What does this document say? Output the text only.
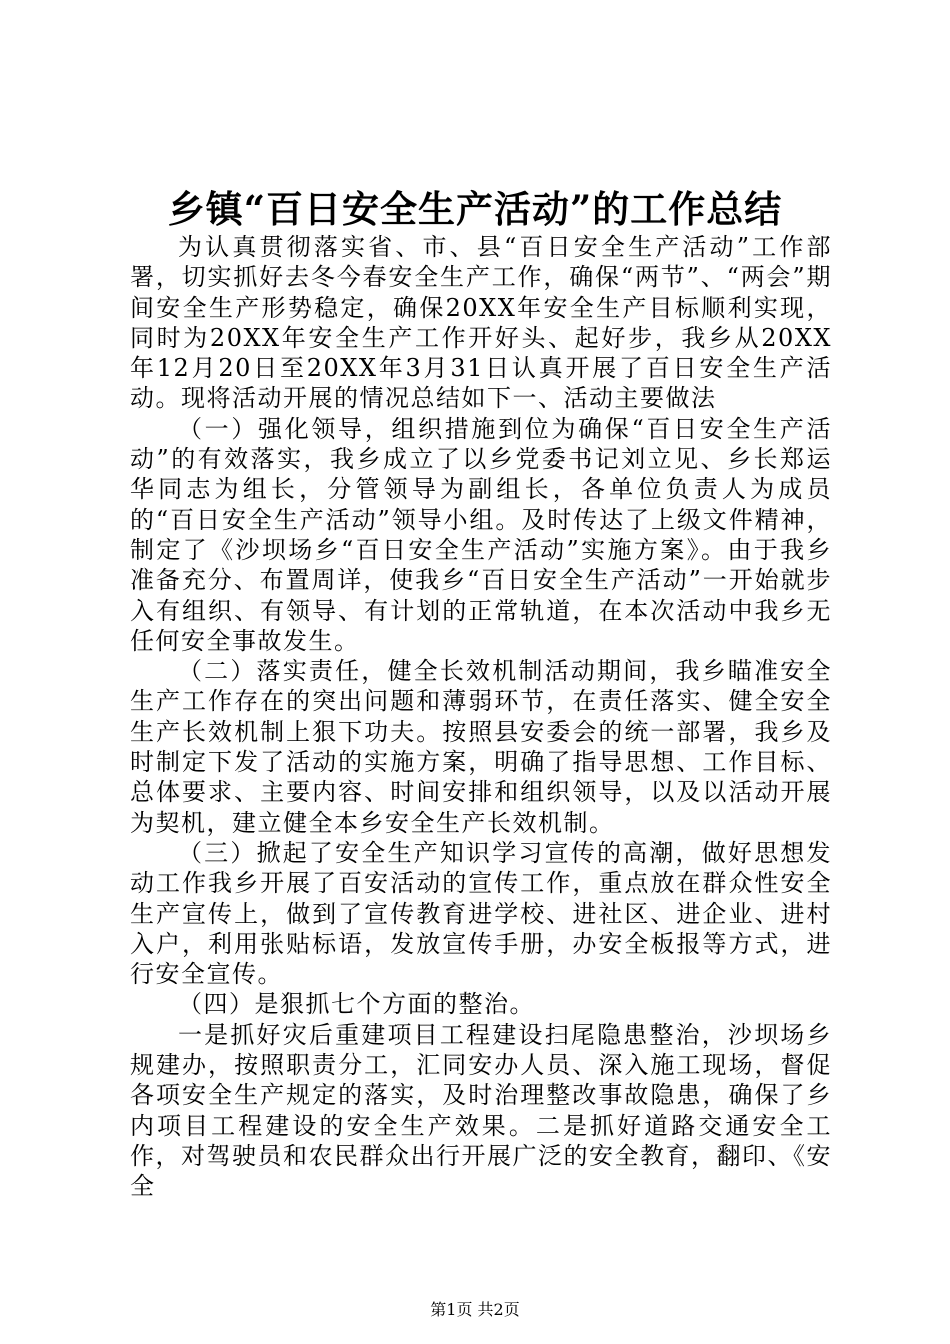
乡镇“百日安全生产活动”的工作总结

为认真贯彻落实省、市、县“百日安全生产活动”工作部署，切实抓好去冬今春安全生产工作，确保“两节”、“两会”期间安全生产形势稳定，确保20XX年安全生产目标顺利实现，同时为20XX年安全生产工作开好头、起好步，我乡从20XX年12月20日至20XX年3月31日认真开展了百日安全生产活动。现将活动开展的情况总结如下一、活动主要做法

（一）强化领导，组织措施到位为确保“百日安全生产活动”的有效落实，我乡成立了以乡党委书记刘立见、乡长郑运华同志为组长，分管领导为副组长，各单位负责人为成员的“百日安全生产活动”领导小组。及时传达了上级文件精神，制定了《沙坝场乡“百日安全生产活动”实施方案》。由于我乡准备充分、布置周详，使我乡“百日安全生产活动”一开始就步入有组织、有领导、有计划的正常轨道，在本次活动中我乡无任何安全事故发生。

（二）落实责任，健全长效机制活动期间，我乡瞄准安全生产工作存在的突出问题和薄弱环节，在责任落实、健全安全生产长效机制上狠下功夫。按照县安委会的统一部署，我乡及时制定下发了活动的实施方案，明确了指导思想、工作目标、总体要求、主要内容、时间安排和组织领导，以及以活动开展为契机，建立健全本乡安全生产长效机制。

（三）掀起了安全生产知识学习宣传的高潮，做好思想发动工作我乡开展了百安活动的宣传工作，重点放在群众性安全生产宣传上，做到了宣传教育进学校、进社区、进企业、进村入户，利用张贴标语，发放宣传手册，办安全板报等方式，进行安全宣传。

（四）是狠抓七个方面的整治。

一是抓好灾后重建项目工程建设扫尾隐患整治，沙坝场乡规建办，按照职责分工，汇同安办人员、深入施工现场，督促各项安全生产规定的落实，及时治理整改事故隐患，确保了乡内项目工程建设的安全生产效果。二是抓好道路交通安全工作，对驾驶员和农民群众出行开展广泛的安全教育，翻印、《安全

第1页 共2页
